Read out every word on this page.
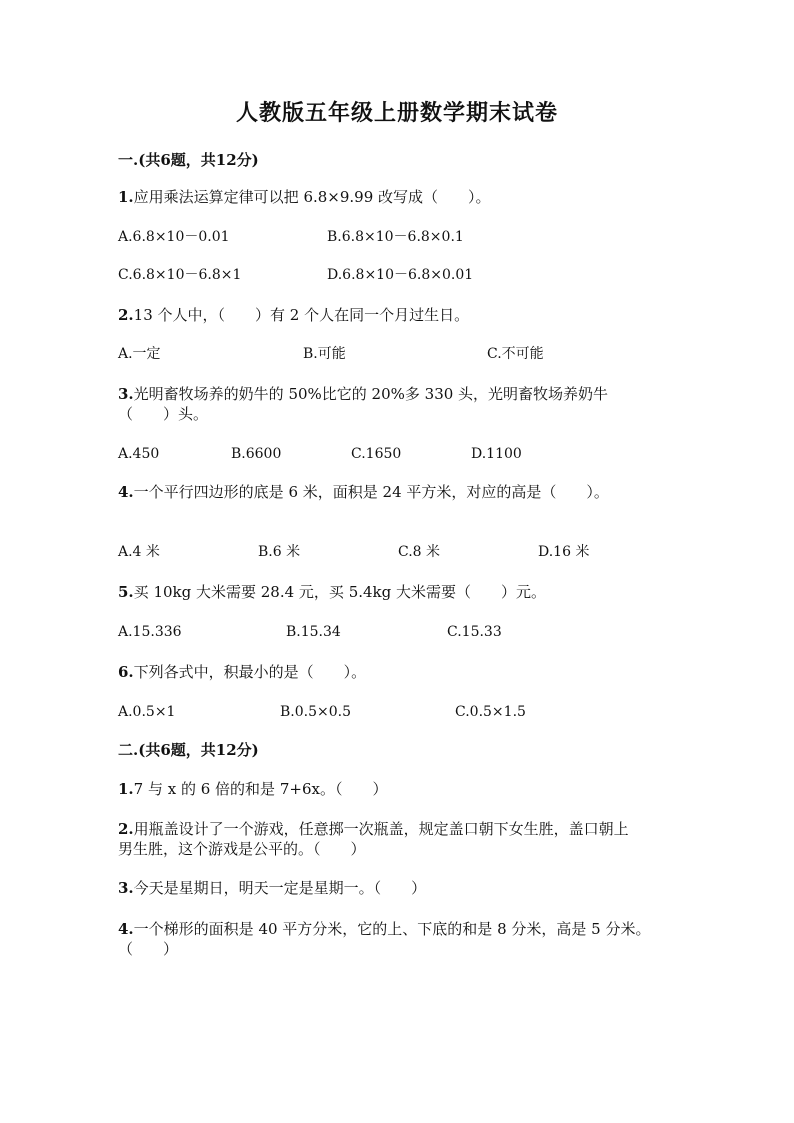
人教版五年级上册数学期末试卷
一.(共6题，共12分)
1.应用乘法运算定律可以把 6.8×9.99 改写成（　　）。
A.6.8×10－0.01	B.6.8×10－6.8×0.1
C.6.8×10－6.8×1	D.6.8×10－6.8×0.01
2.13 个人中，（　　）有 2 个人在同一个月过生日。
A.一定	B.可能	C.不可能
3.光明畜牧场养的奶牛的 50%比它的 20%多 330 头，光明畜牧场养奶牛
（　　）头。
A.450	B.6600	C.1650	D.1100
4.一个平行四边形的底是 6 米，面积是 24 平方米，对应的高是（　　）。
A.4 米	B.6 米	C.8 米	D.16 米
5.买 10kg 大米需要 28.4 元，买 5.4kg 大米需要（　　）元。
A.15.336	B.15.34	C.15.33
6.下列各式中，积最小的是（　　）。
A.0.5×1	B.0.5×0.5	C.0.5×1.5
二.(共6题，共12分)
1.7 与 x 的 6 倍的和是 7+6x。（　　）
2.用瓶盖设计了一个游戏，任意掷一次瓶盖，规定盖口朝下女生胜，盖口朝上
男生胜，这个游戏是公平的。（　　）
3.今天是星期日，明天一定是星期一。（　　）
4.一个梯形的面积是 40 平方分米，它的上、下底的和是 8 分米，高是 5 分米。
（　　）
